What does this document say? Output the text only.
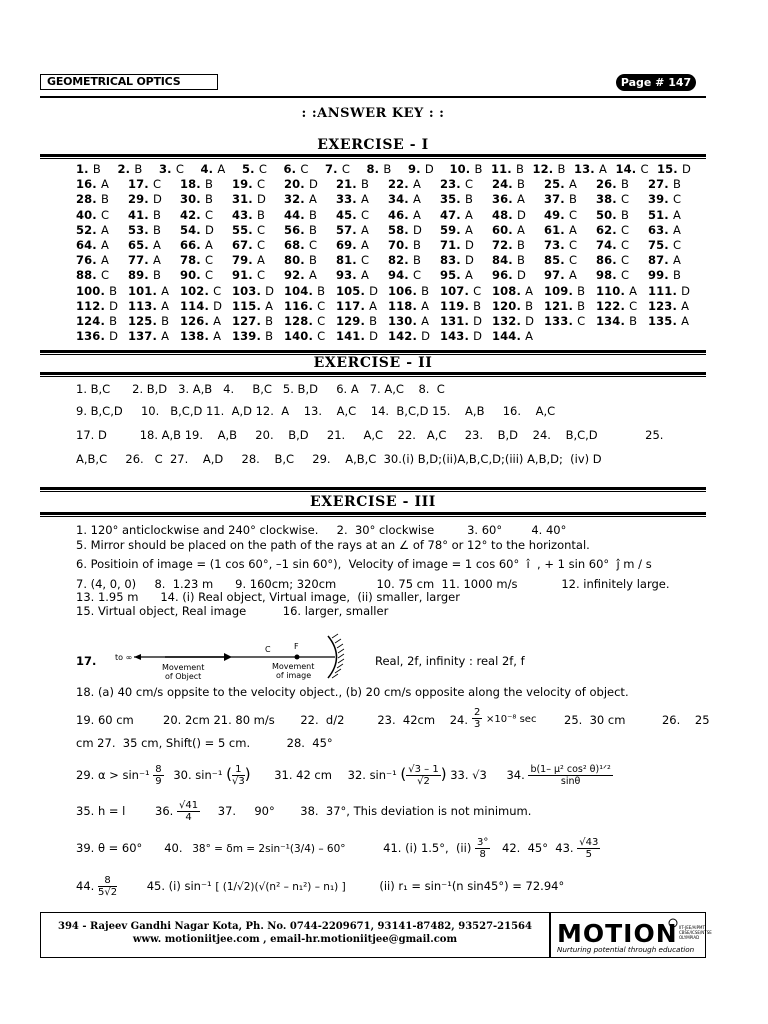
GEOMETRICAL OPTICS	Page # 147
: :ANSWER KEY : :
EXERCISE - I
1. B	2. B	3. C	4. A	5. C	6. C	7. C	8. B	9. D	10. B 11. B 12. B 13. A 14. C 15. D
16. A	17. C	18. B	19. C	20. D	21. B	22. A	23. C	24. B	25. A	26. B	27. B
28. B	29. D	30. B	31. D	32. A	33. A	34. A	35. B	36. A	37. B	38. C	39. C
40. C	41. B	42. C	43. B	44. B	45. C	46. A	47. A	48. D	49. C	50. B	51. A
52. A	53. B	54. D	55. C	56. B	57. A	58. D	59. A	60. A	61. A	62. C	63. A
64. A	65. A	66. A	67. C	68. C	69. A	70. B	71. D	72. B	73. C	74. C	75. C
76. A	77. A	78. C	79. A	80. B	81. C	82. B	83. D	84. B	85. C	86. C	87. A
88. C	89. B	90. C	91. C	92. A	93. A	94. C	95. A	96. D	97. A	98. C	99. B
100. B 101. A 102. C 103. D 104. B 105. D 106. B 107. C 108. A 109. B 110. A 111. D
112. D 113. A 114. D 115. A 116. C 117. A 118. A 119. B 120. B 121. B 122. C 123. A
124. B 125. B 126. A 127. B 128. C 129. B 130. A 131. D 132. D 133. C 134. B 135. A
136. D 137. A 138. A 139. B 140. C 141. D 142. D 143. D 144. A
EXERCISE - II
1. B,C      2. B,D   3. A,B   4.     B,C   5. B,D     6. A   7. A,C    8.  C
9. B,C,D     10.   B,C,D 11.  A,D 12.  A    13.    A,C    14.  B,C,D 15.    A,B     16.    A,C
17. D         18. A,B 19.    A,B     20.    B,D     21.     A,C    22.   A,C     23.    B,D    24.    B,C,D             25.
A,B,C     26.   C  27.    A,D     28.    B,C     29.    A,B,C  30.(i) B,D;(ii)A,B,C,D;(iii) A,B,D;  (iv) D
EXERCISE - III
1. 120° anticlockwise and 240° clockwise.     2.  30° clockwise         3. 60°        4. 40°
5. Mirror should be placed on the path of the rays at an ∠ of 78° or 12° to the horizontal.
6. Positioin of image = (1 cos 60°, –1 sin 60°),  Velocity of image = 1 cos 60°  î  , + 1 sin 60°  ĵ m / s
7. (4, 0, 0)     8.  1.23 m      9. 160cm; 320cm           10. 75 cm  11. 1000 m/s            12. infinitely large.
13. 1.95 m      14. (i) Real object, Virtual image,  (ii) smaller, larger
15. Virtual object, Real image          16. larger, smaller
17. to ∞
C	F
Movement
of Object
Movement
of image
Real, 2f, infinity : real 2f, f
18. (a) 40 cm/s oppsite to the velocity object., (b) 20 cm/s opposite along the velocity of object.
19. 60 cm        20. 2cm 21. 80 m/s       22.  d/2         23.  42cm    24. $\frac{2}{3} \times 10^{-8}$ sec 25.  30 cm          26.    25
cm 27.  35 cm, Shift() = 5 cm.          28.  45°
29. $\alpha > \sin^{-1} \frac{8}{9} 30$. sin⁻¹ ( $\frac{1}{√3}$ ) 31. 42 cm 32. sin⁻¹ ( $\frac{√3 - 1}{√2}$ ) 33. √3 34. $\frac{\text{b(1– μ² cos² θ)¹ᐟ²}}{\sin\theta}$
35. h = l	36. $\frac{√41}{4} 37$.     90°       38.  37°, This deviation is not minimum.
39. θ = 60°      40. 38° = δm = 2sin⁻¹(3/4) – 60°	41. (i) 1.5°,  $(ii) \frac{3^\circ}{8} 42$.  45°  43. $\frac{√43}{5}$
44. $\frac{8}{5√2}$	45. (i) sin⁻¹ [ (1/√2)(√(n² – n₁²) – n₁) ]	(ii) r₁ = sin⁻¹(n sin45°) = 72.94°
394 - Rajeev Gandhi Nagar Kota, Ph. No. 0744-2209671, 93141-87482, 93527-21564
www. motioniitjee.com , email-hr.motioniitjee@gmail.com	MOTION IIT-JEE/AIPMT
CBSE/ICSE/NTSE
OLYMPIAD
Nurturing potential through education
